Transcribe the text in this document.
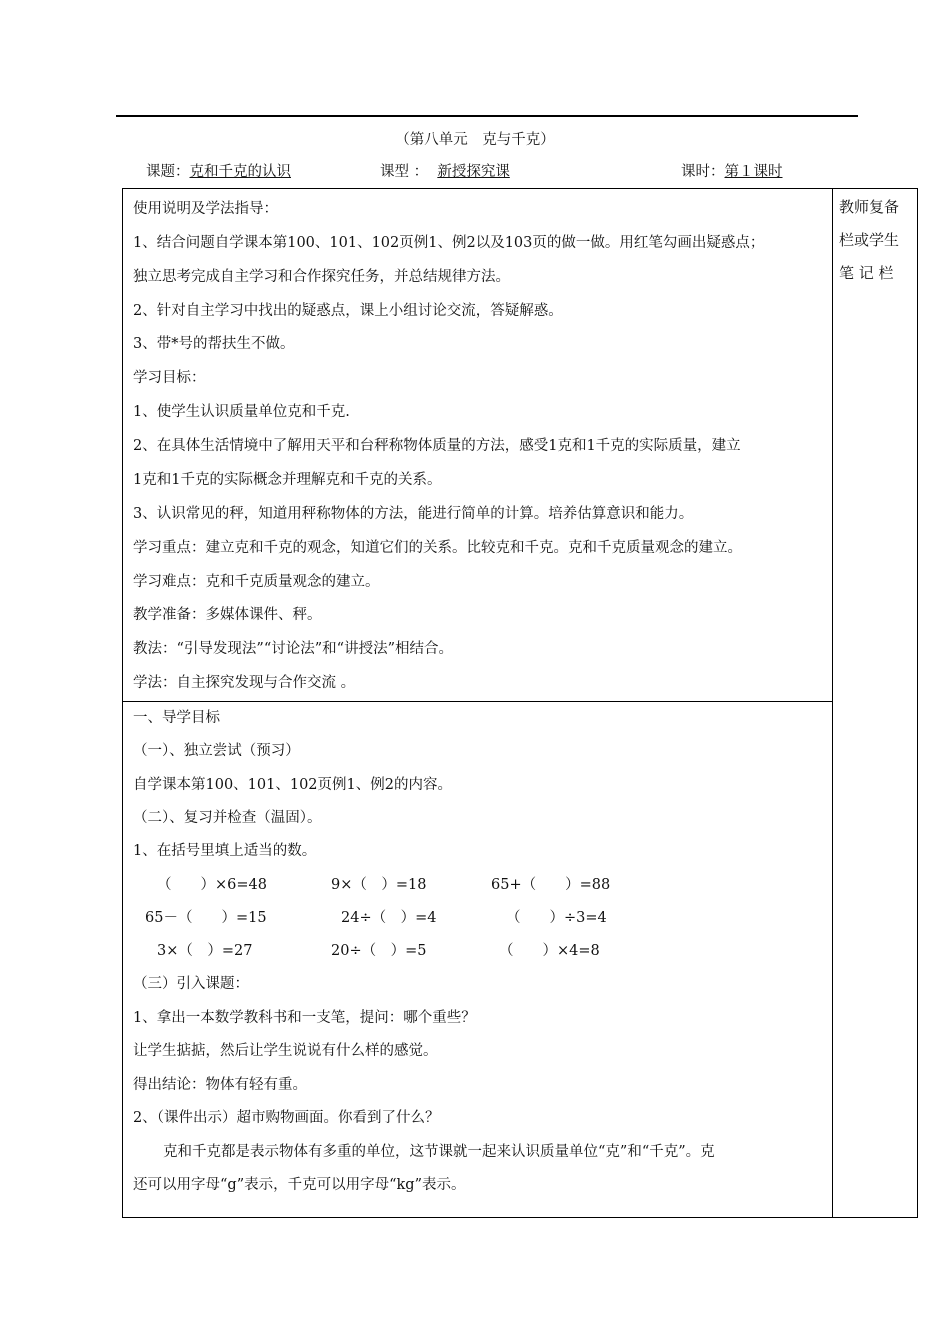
（第八单元　克与千克）
课题：克和千克的认识	课型 ： 新授探究课	课时：第１课时
教师复备
栏或学生
笔 记 栏
使用说明及学法指导：
1、结合问题自学课本第100、101、102页例1、例2以及103页的做一做。用红笔勾画出疑惑点；
独立思考完成自主学习和合作探究任务，并总结规律方法。
2、针对自主学习中找出的疑惑点，课上小组讨论交流，答疑解惑。
3、带*号的帮扶生不做。
学习目标：
1、使学生认识质量单位克和千克.
2、在具体生活情境中了解用天平和台秤称物体质量的方法，感受1克和1千克的实际质量，建立
1克和1千克的实际概念并理解克和千克的关系。
3、认识常见的秤，知道用秤称物体的方法，能进行简单的计算。培养估算意识和能力。
学习重点：建立克和千克的观念，知道它们的关系。比较克和千克。克和千克质量观念的建立。
学习难点：克和千克质量观念的建立。
教学准备：多媒体课件、秤。
教法：“引导发现法”“讨论法”和“讲授法”相结合。
学法：自主探究发现与合作交流 。
一、导学目标
（一）、独立尝试（预习）
自学课本第100、101、102页例1、例2的内容。
（二）、复习并检查（温固）。
1、在括号里填上适当的数。
（　　）×6=48	9×（　）=18	65+（　　）=88
65－（　　）=15	24÷（　）=4	（　　）÷3=4
3×（　）=27	20÷（　）=5	（　　）×4=8
（三）引入课题：
1、拿出一本数学教科书和一支笔，提问：哪个重些？
让学生掂掂，然后让学生说说有什么样的感觉。
得出结论：物体有轻有重。
2、（课件出示）超市购物画面。你看到了什么？
克和千克都是表示物体有多重的单位，这节课就一起来认识质量单位“克”和“千克”。克
还可以用字母“g”表示，千克可以用字母“kg”表示。
